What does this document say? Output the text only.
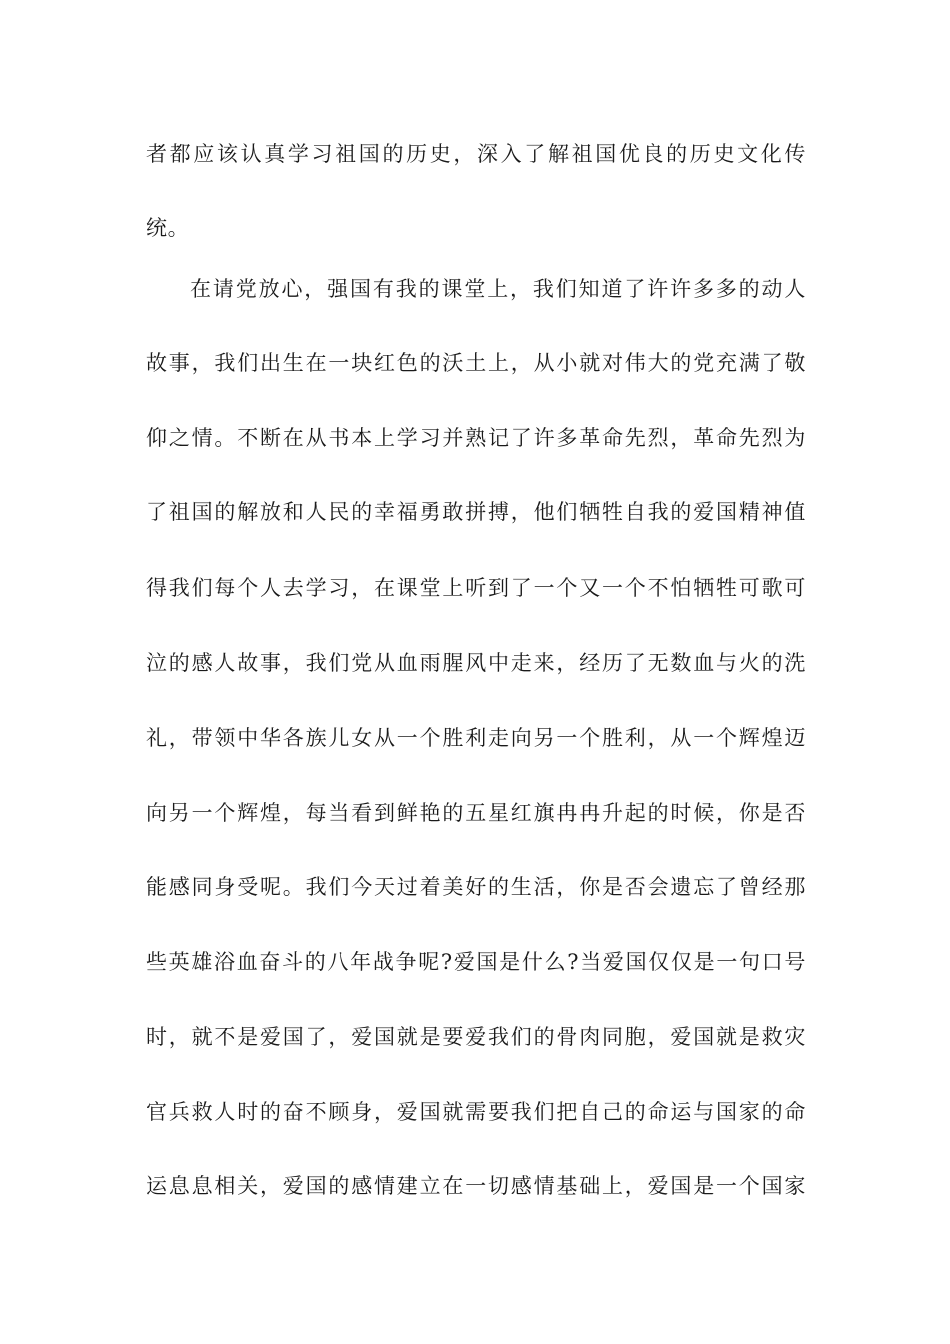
者都应该认真学习祖国的历史，深入了解祖国优良的历史文化传
统。
在请党放心，强国有我的课堂上，我们知道了许许多多的动人
故事，我们出生在一块红色的沃土上，从小就对伟大的党充满了敬
仰之情。不断在从书本上学习并熟记了许多革命先烈，革命先烈为
了祖国的解放和人民的幸福勇敢拼搏，他们牺牲自我的爱国精神值
得我们每个人去学习，在课堂上听到了一个又一个不怕牺牲可歌可
泣的感人故事，我们党从血雨腥风中走来，经历了无数血与火的洗
礼，带领中华各族儿女从一个胜利走向另一个胜利，从一个辉煌迈
向另一个辉煌，每当看到鲜艳的五星红旗冉冉升起的时候，你是否
能感同身受呢。我们今天过着美好的生活，你是否会遗忘了曾经那
些英雄浴血奋斗的八年战争呢?爱国是什么?当爱国仅仅是一句口号
时，就不是爱国了，爱国就是要爱我们的骨肉同胞，爱国就是救灾
官兵救人时的奋不顾身，爱国就需要我们把自己的命运与国家的命
运息息相关，爱国的感情建立在一切感情基础上，爱国是一个国家
